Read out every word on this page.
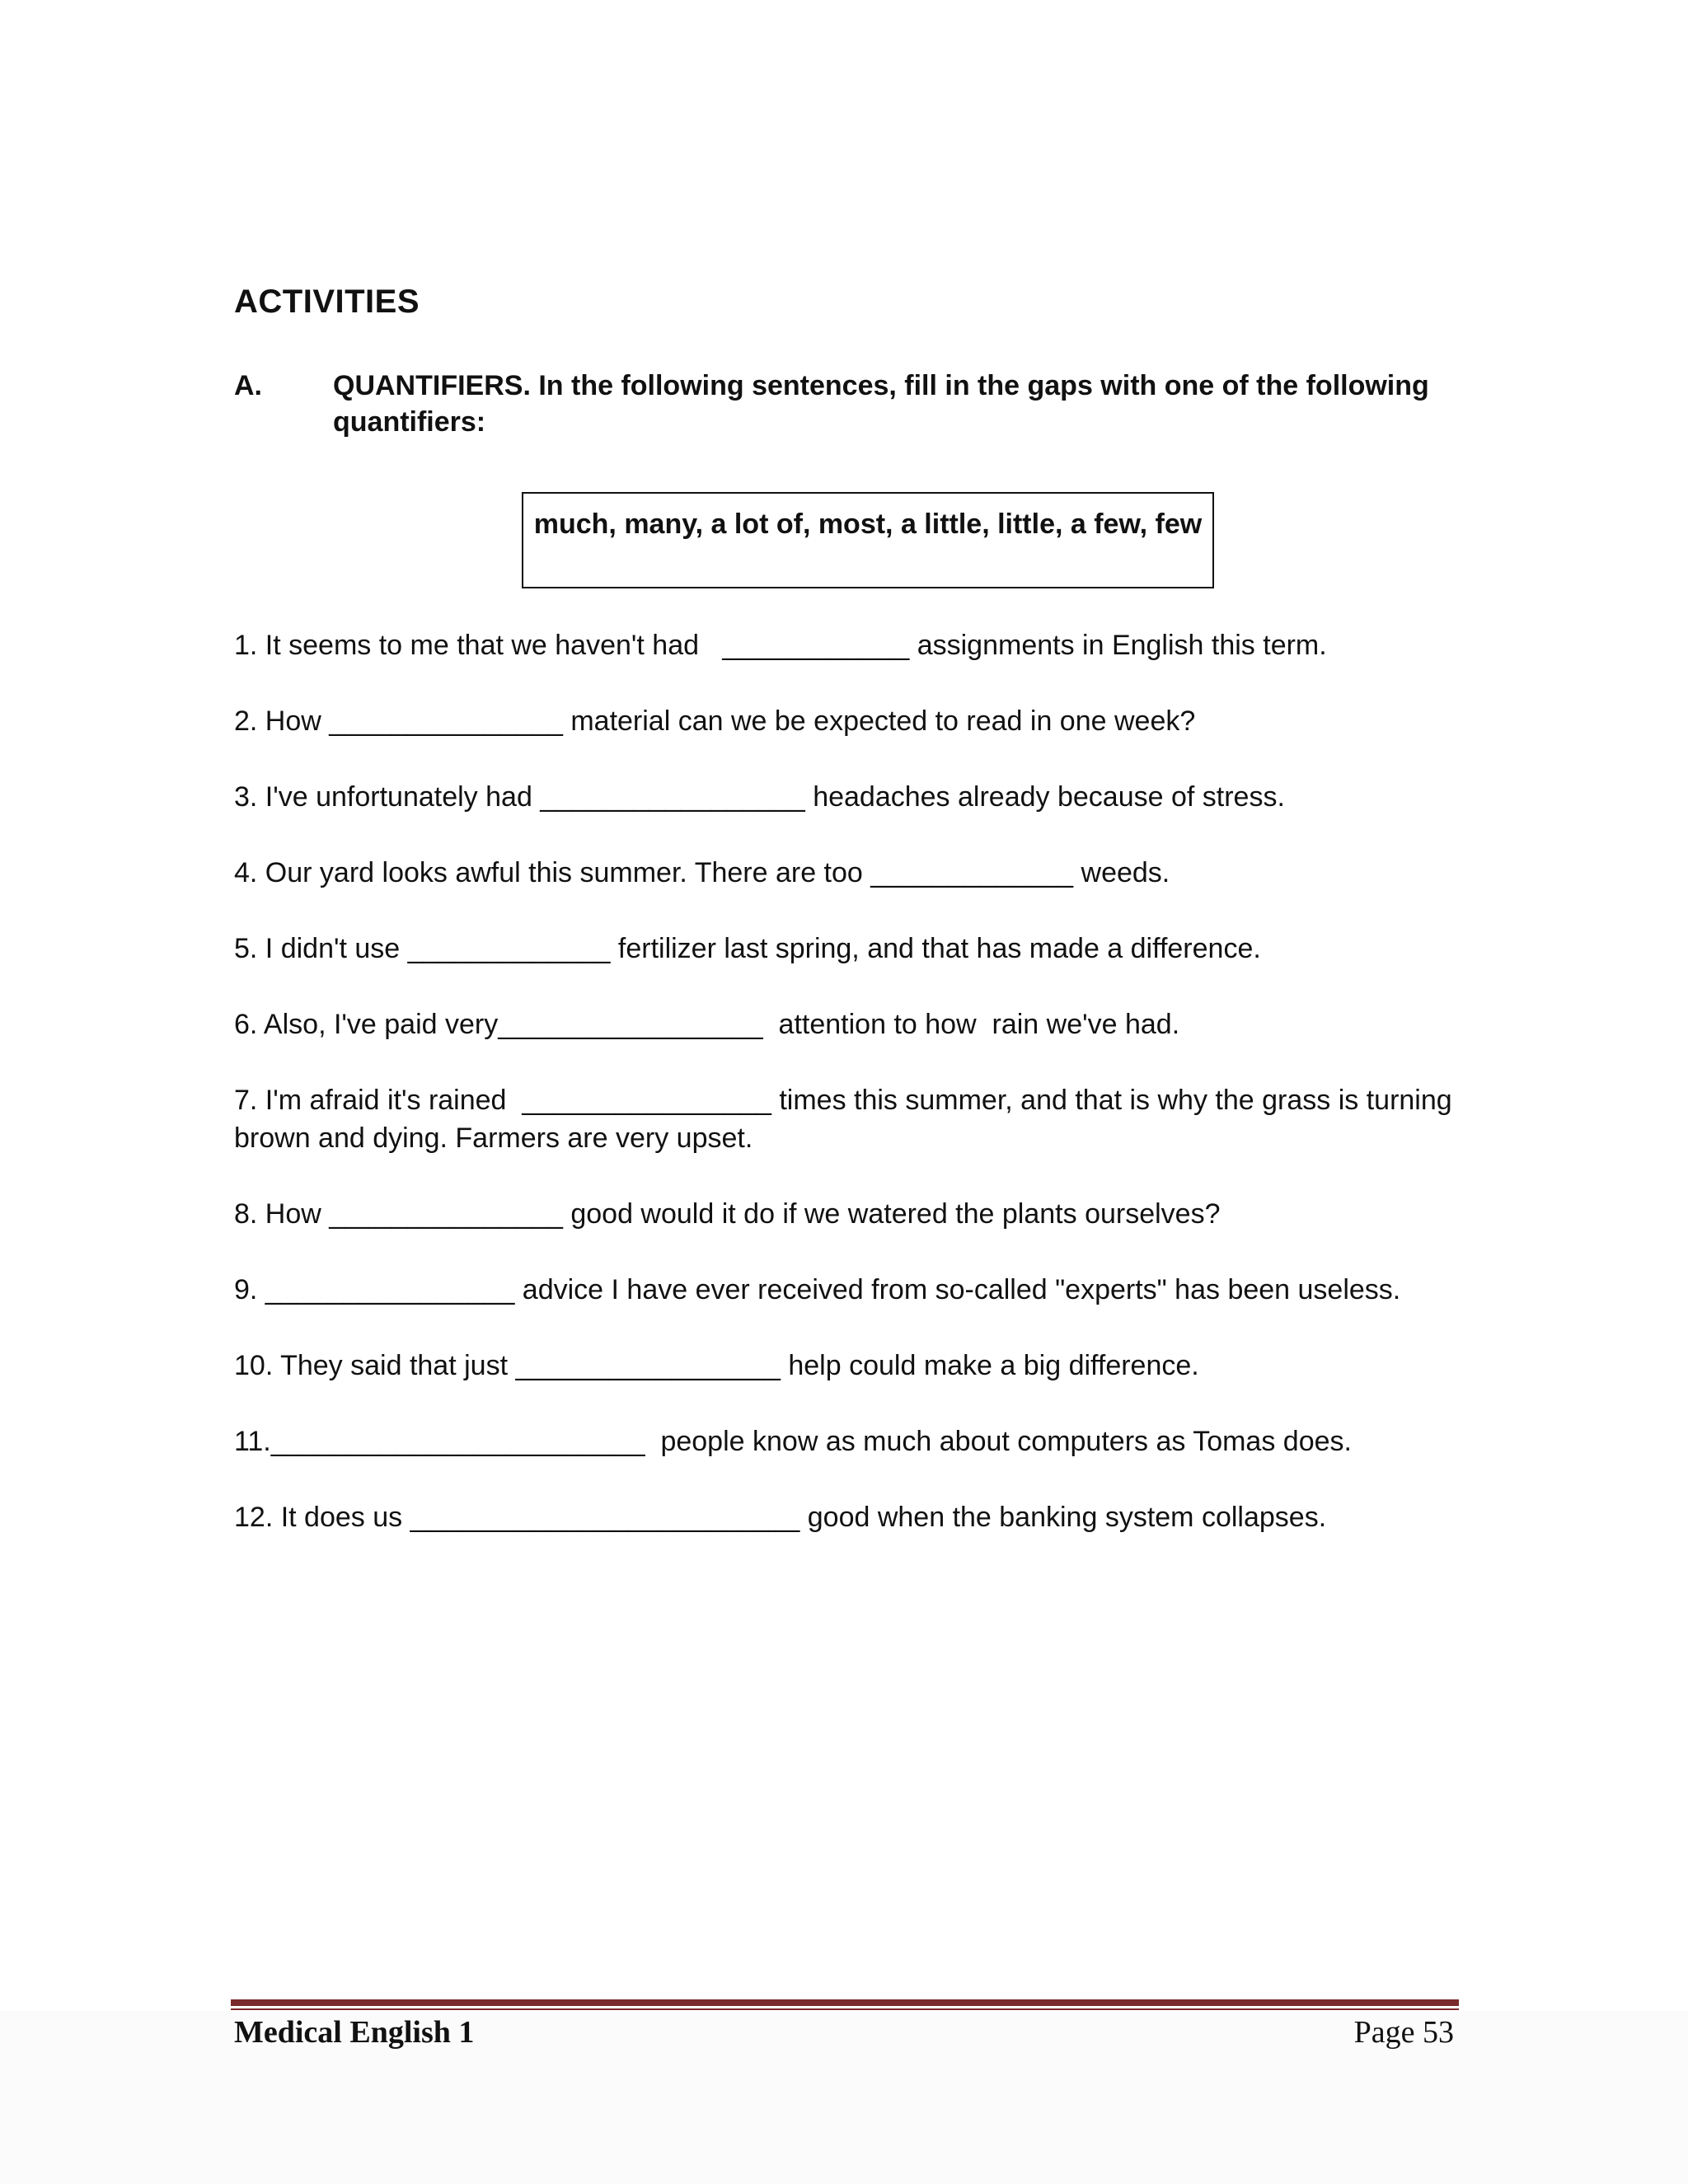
ACTIVITIES
A.	QUANTIFIERS. In the following sentences, fill in the gaps with one of the following quantifiers:
much, many, a lot of, most, a little, little, a few, few
1. It seems to me that we haven't had   ____________ assignments in English this term.
2. How _______________ material can we be expected to read in one week?
3. I've unfortunately had _________________ headaches already because of stress.
4. Our yard looks awful this summer. There are too _____________ weeds.
5. I didn't use _____________ fertilizer last spring, and that has made a difference.
6. Also, I've paid very_________________  attention to how  rain we've had.
7. I'm afraid it's rained  ________________ times this summer, and that is why the grass is turning brown and dying. Farmers are very upset.
8. How _______________ good would it do if we watered the plants ourselves?
9. ________________ advice I have ever received from so-called "experts" has been useless.
10. They said that just _________________ help could make a big difference.
11.________________________  people know as much about computers as Tomas does.
12. It does us _________________________ good when the banking system collapses.
Medical English 1	Page 53
